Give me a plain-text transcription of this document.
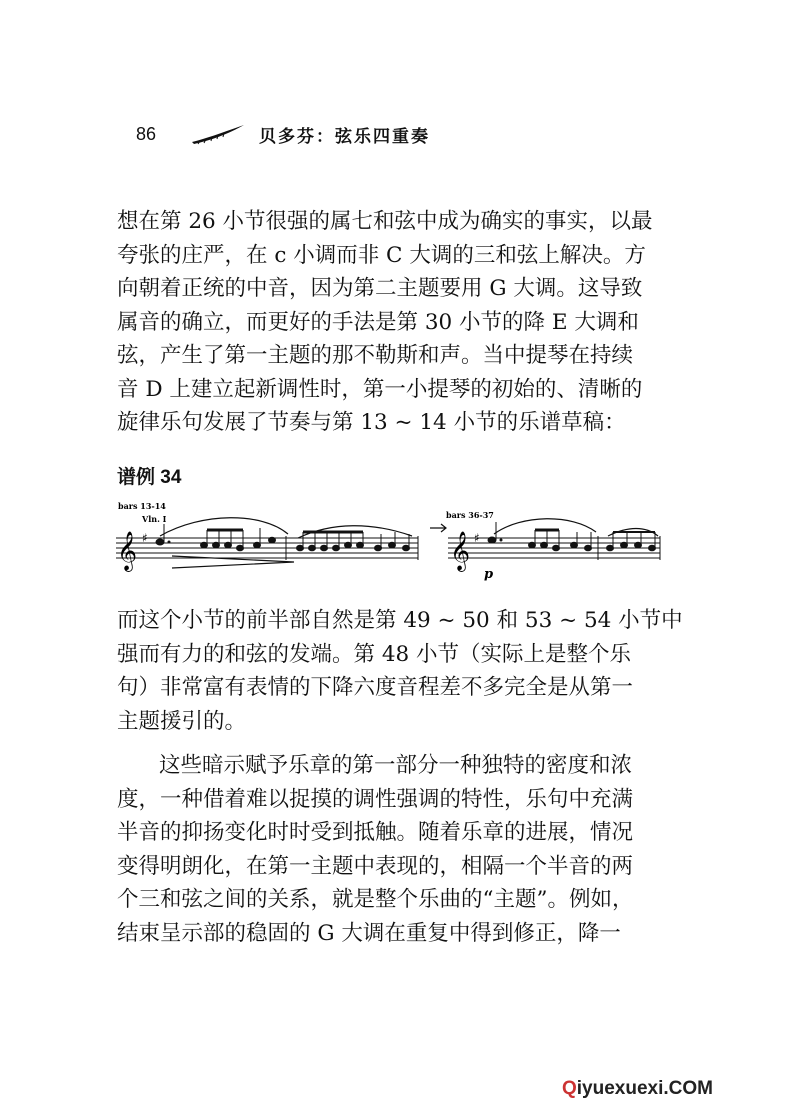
86	贝多芬：弦乐四重奏
想在第 26 小节很强的属七和弦中成为确实的事实，以最
夸张的庄严，在 c 小调而非 C 大调的三和弦上解决。方
向朝着正统的中音，因为第二主题要用 G 大调。这导致
属音的确立，而更好的手法是第 30 小节的降 E 大调和
弦，产生了第一主题的那不勒斯和声。当中提琴在持续
音 D 上建立起新调性时，第一小提琴的初始的、清晰的
旋律乐句发展了节奏与第 13 ~ 14 小节的乐谱草稿：
谱例 34
bars 13-14
Vln. I	bars 36-37
𝄞	𝄞
♯	♯
p
而这个小节的前半部自然是第 49 ~ 50 和 53 ~ 54 小节中
强而有力的和弦的发端。第 48 小节（实际上是整个乐
句）非常富有表情的下降六度音程差不多完全是从第一
主题援引的。
这些暗示赋予乐章的第一部分一种独特的密度和浓
度，一种借着难以捉摸的调性强调的特性，乐句中充满
半音的抑扬变化时时受到抵触。随着乐章的进展，情况
变得明朗化，在第一主题中表现的，相隔一个半音的两
个三和弦之间的关系，就是整个乐曲的“主题”。例如，
结束呈示部的稳固的 G 大调在重复中得到修正，降一
Qiyuexuexi.COM
